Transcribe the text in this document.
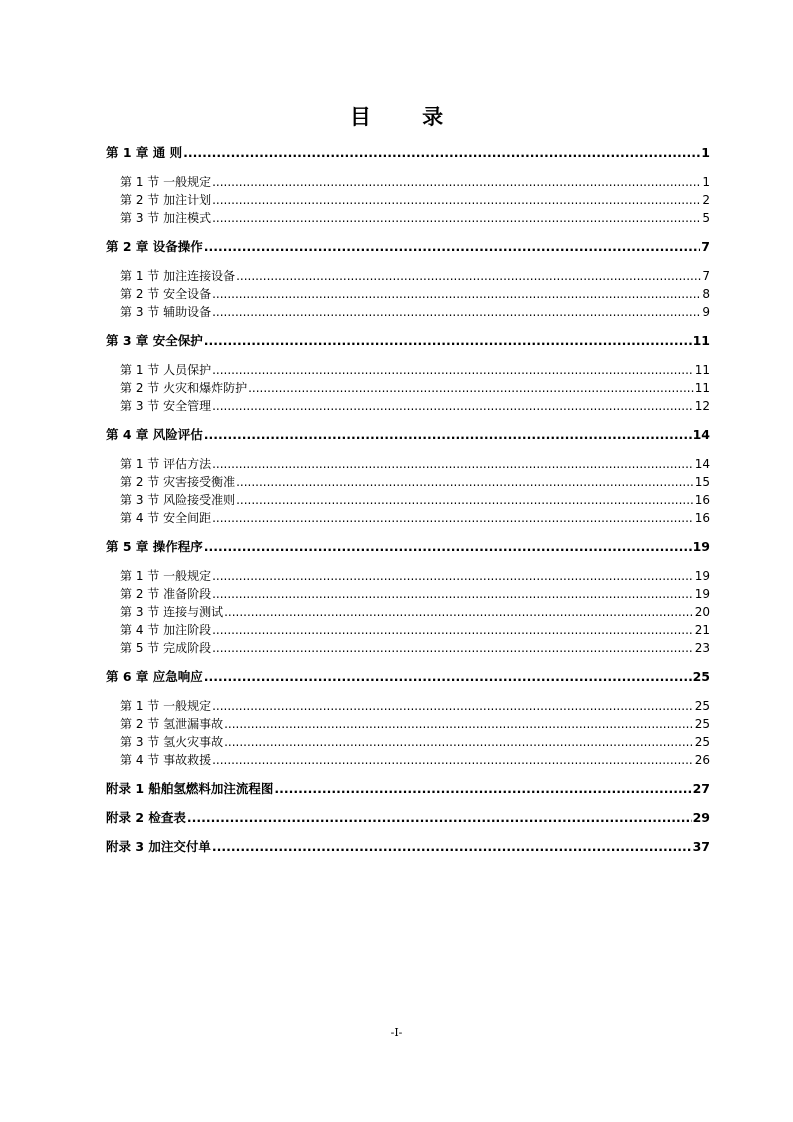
目 录
第 1 章 通 则 .....	1
第 1 节 一般规定 .....	1
第 2 节 加注计划 .....	2
第 3 节 加注模式 .....	5
第 2 章 设备操作 .....	7
第 1 节 加注连接设备 .....	7
第 2 节 安全设备 .....	8
第 3 节 辅助设备 .....	9
第 3 章 安全保护 .....	11
第 1 节 人员保护 .....	11
第 2 节 火灾和爆炸防护 .....	11
第 3 节 安全管理 .....	12
第 4 章 风险评估 .....	14
第 1 节 评估方法 .....	14
第 2 节 灾害接受衡准 .....	15
第 3 节 风险接受准则 .....	16
第 4 节 安全间距 .....	16
第 5 章 操作程序 .....	19
第 1 节 一般规定 .....	19
第 2 节 准备阶段 .....	19
第 3 节 连接与测试 .....	20
第 4 节 加注阶段 .....	21
第 5 节 完成阶段 .....	23
第 6 章 应急响应 .....	25
第 1 节 一般规定 .....	25
第 2 节 氢泄漏事故 .....	25
第 3 节 氢火灾事故 .....	25
第 4 节 事故救援 .....	26
附录 1 船舶氢燃料加注流程图 .....	27
附录 2 检查表 .....	29
附录 3 加注交付单 .....	37
-I-
